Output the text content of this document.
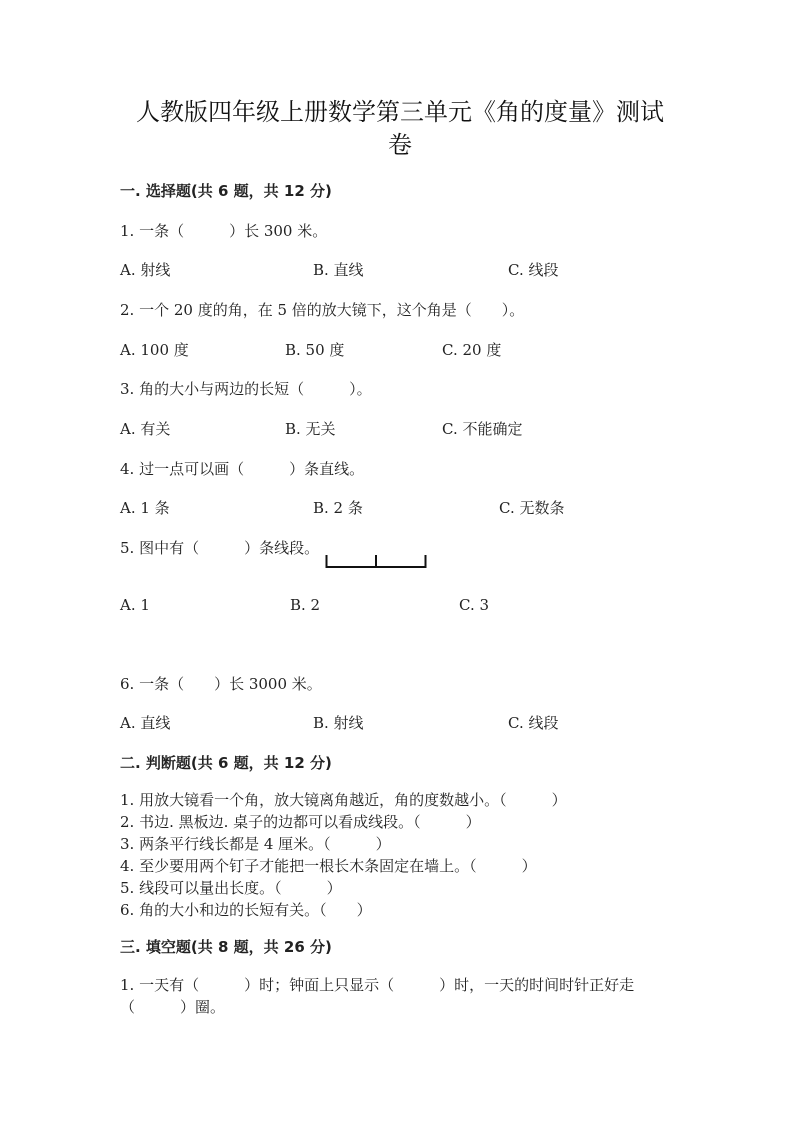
人教版四年级上册数学第三单元《角的度量》测试
卷
一. 选择题(共 6 题，共 12 分)
1. 一条（　　　）长 300 米。
A. 射线	B. 直线	C. 线段
2. 一个 20 度的角，在 5 倍的放大镜下，这个角是（　　）。
A. 100 度	B. 50 度	C. 20 度
3. 角的大小与两边的长短（　　　）。
A. 有关	B. 无关	C. 不能确定
4. 过一点可以画（　　　）条直线。
A. 1 条	B. 2 条	C. 无数条
5. 图中有（　　　）条线段。
A. 1	B. 2	C. 3
6. 一条（　　）长 3000 米。
A. 直线	B. 射线	C. 线段
二. 判断题(共 6 题，共 12 分)
1. 用放大镜看一个角，放大镜离角越近，角的度数越小。（　　　）
2. 书边. 黑板边. 桌子的边都可以看成线段。（　　　）
3. 两条平行线长都是 4 厘米。（　　　）
4. 至少要用两个钉子才能把一根长木条固定在墙上。（　　　）
5. 线段可以量出长度。（　　　）
6. 角的大小和边的长短有关。（　　）
三. 填空题(共 8 题，共 26 分)
1. 一天有（　　　）时；钟面上只显示（　　　）时，一天的时间时针正好走
（　　　）圈。
